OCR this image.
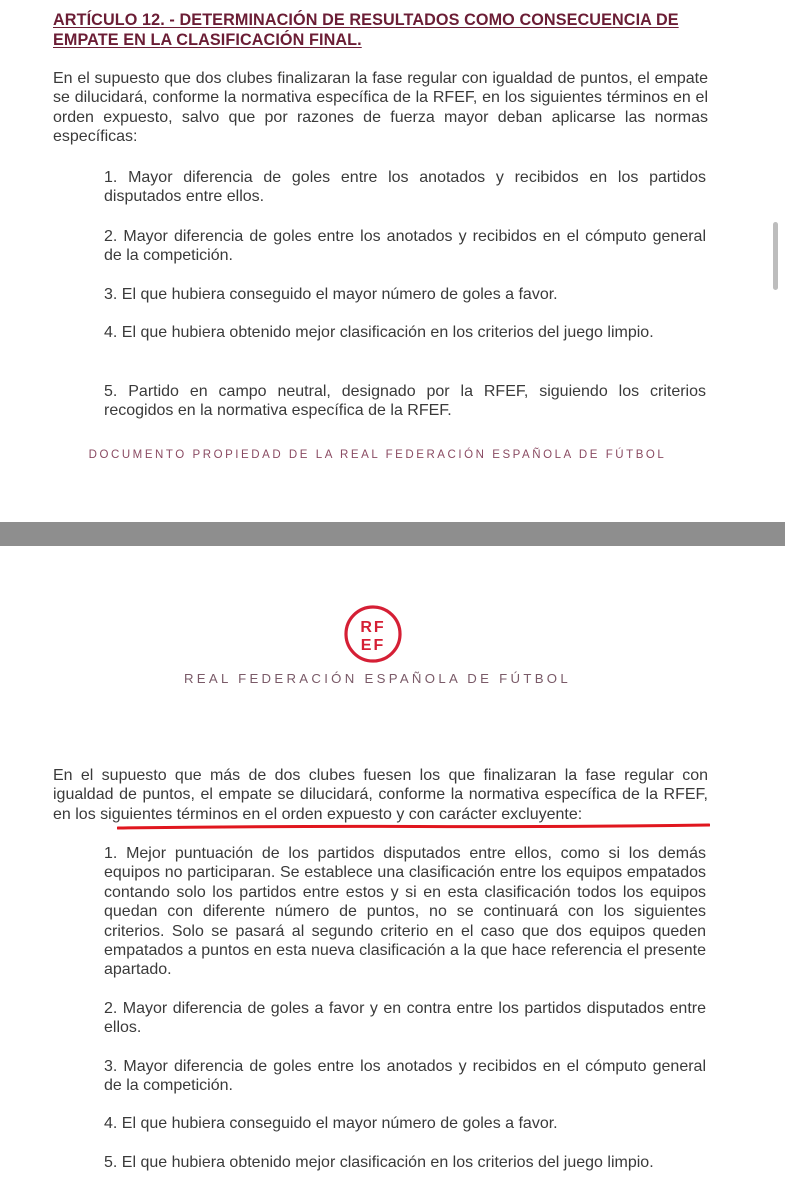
ARTÍCULO 12. - DETERMINACIÓN DE RESULTADOS COMO CONSECUENCIA DE EMPATE EN LA CLASIFICACIÓN FINAL.
En el supuesto que dos clubes finalizaran la fase regular con igualdad de puntos, el empate se dilucidará, conforme la normativa específica de la RFEF, en los siguientes términos en el orden expuesto, salvo que por razones de fuerza mayor deban aplicarse las normas específicas:
1. Mayor diferencia de goles entre los anotados y recibidos en los partidos disputados entre ellos.
2. Mayor diferencia de goles entre los anotados y recibidos en el cómputo general de la competición.
3. El que hubiera conseguido el mayor número de goles a favor.
4. El que hubiera obtenido mejor clasificación en los criterios del juego limpio.
5. Partido en campo neutral, designado por la RFEF, siguiendo los criterios recogidos en la normativa específica de la RFEF.
DOCUMENTO PROPIEDAD DE LA REAL FEDERACIÓN ESPAÑOLA DE FÚTBOL
RF
EF
REAL FEDERACIÓN ESPAÑOLA DE FÚTBOL
En el supuesto que más de dos clubes fuesen los que finalizaran la fase regular con igualdad de puntos, el empate se dilucidará, conforme la normativa específica de la RFEF, en los siguientes términos en el orden expuesto y con carácter excluyente:
1. Mejor puntuación de los partidos disputados entre ellos, como si los demás equipos no participaran. Se establece una clasificación entre los equipos empatados contando solo los partidos entre estos y si en esta clasificación todos los equipos quedan con diferente número de puntos, no se continuará con los siguientes criterios. Solo se pasará al segundo criterio en el caso que dos equipos queden empatados a puntos en esta nueva clasificación a la que hace referencia el presente apartado.
2. Mayor diferencia de goles a favor y en contra entre los partidos disputados entre ellos.
3. Mayor diferencia de goles entre los anotados y recibidos en el cómputo general de la competición.
4. El que hubiera conseguido el mayor número de goles a favor.
5. El que hubiera obtenido mejor clasificación en los criterios del juego limpio.
